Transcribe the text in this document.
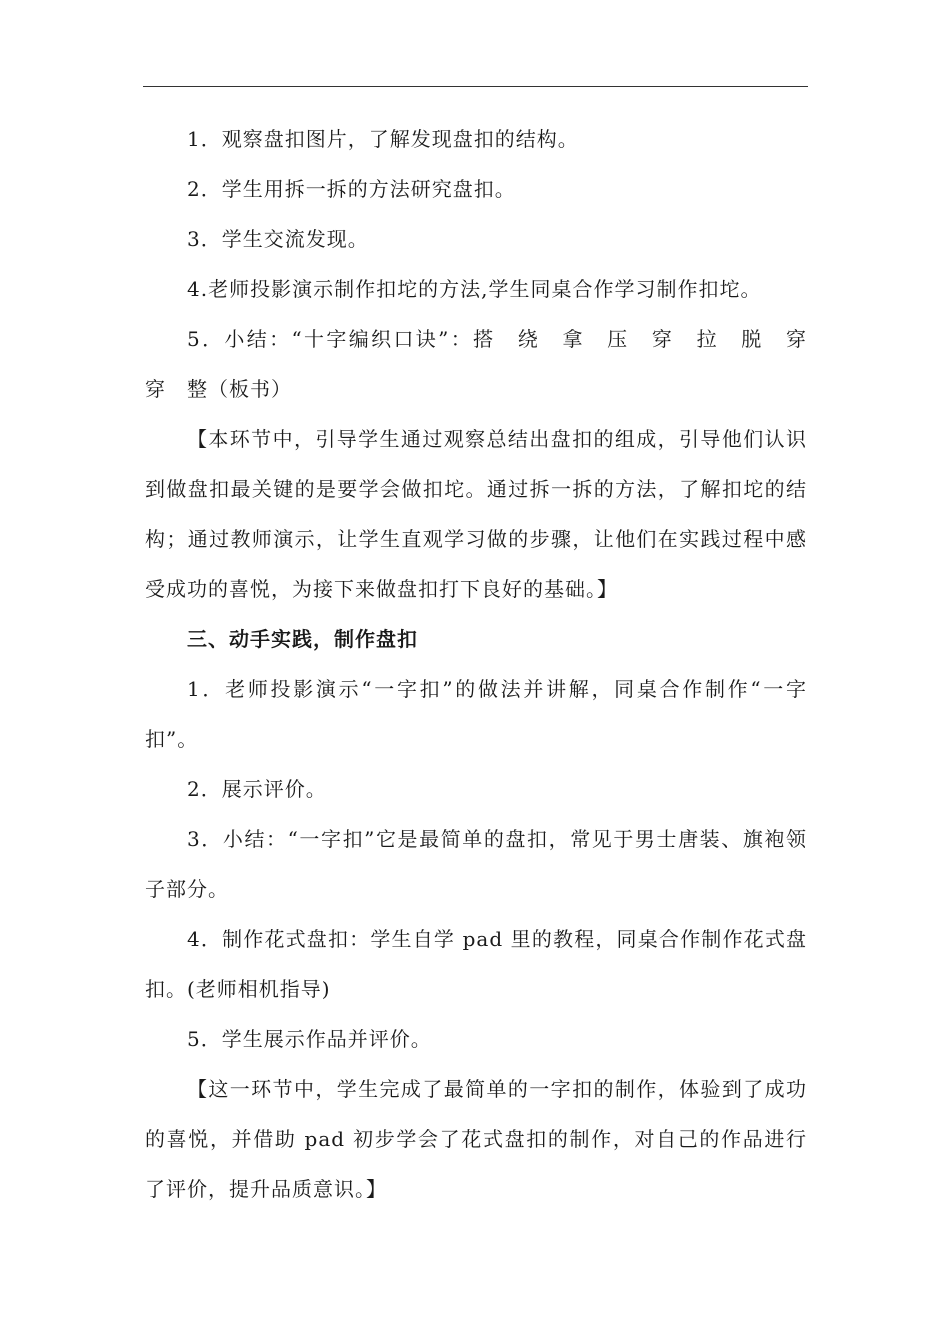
1．观察盘扣图片，了解发现盘扣的结构。

2．学生用拆一拆的方法研究盘扣。

3．学生交流发现。

4.老师投影演示制作扣坨的方法,学生同桌合作学习制作扣坨。

5．小结：“十字编织口诀”：搭　绕　拿　压　穿　拉　脱　穿　穿　整（板书）

【本环节中，引导学生通过观察总结出盘扣的组成，引导他们认识到做盘扣最关键的是要学会做扣坨。通过拆一拆的方法，了解扣坨的结构；通过教师演示，让学生直观学习做的步骤，让他们在实践过程中感受成功的喜悦，为接下来做盘扣打下良好的基础。】

三、动手实践，制作盘扣

1．老师投影演示“一字扣”的做法并讲解，同桌合作制作“一字扣”。

2．展示评价。

3．小结：“一字扣”它是最简单的盘扣，常见于男士唐装、旗袍领子部分。

4．制作花式盘扣：学生自学 pad 里的教程，同桌合作制作花式盘扣。(老师相机指导)

5．学生展示作品并评价。

【这一环节中，学生完成了最简单的一字扣的制作，体验到了成功的喜悦，并借助 pad 初步学会了花式盘扣的制作，对自己的作品进行了评价，提升品质意识。】
